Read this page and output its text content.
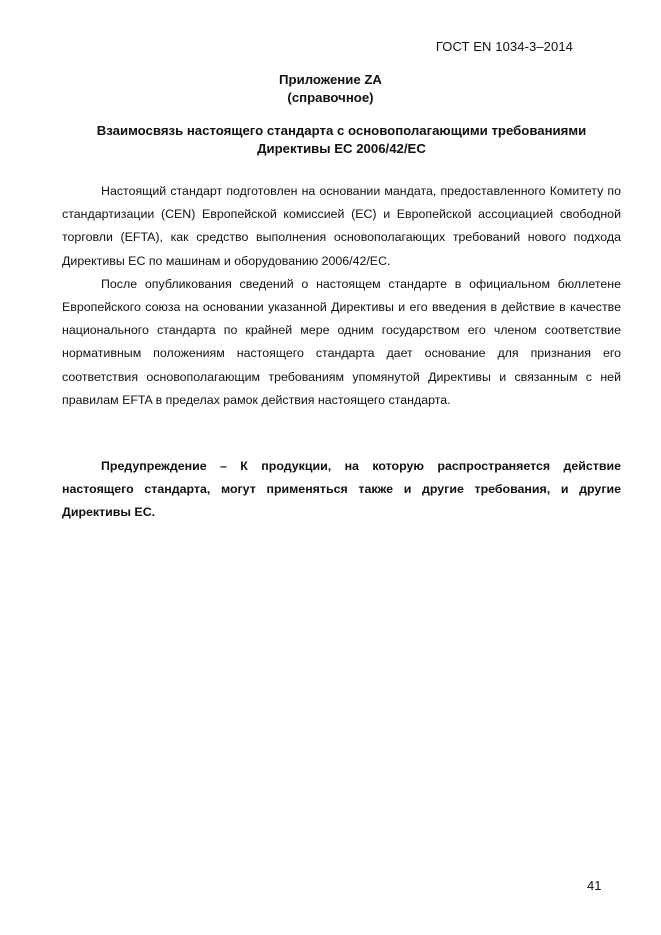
ГОСТ EN 1034-3–2014
Приложение ZA
(справочное)
Взаимосвязь настоящего стандарта с основополагающими требованиями
Директивы ЕС 2006/42/ЕС

Настоящий стандарт подготовлен на основании мандата, предоставленного Комитету по стандартизации (CEN) Европейской комиссией (ЕС) и Европейской ассоциацией свободной торговли (EFTA), как средство выполнения основополагающих требований нового подхода Директивы ЕС по машинам и оборудованию 2006/42/ЕС.

После опубликования сведений о настоящем стандарте в официальном бюллетене Европейского союза на основании указанной Директивы и его введения в действие в качестве национального стандарта по крайней мере одним государством его членом соответствие нормативным положениям настоящего стандарта дает основание для признания его соответствия основополагающим требованиям упомянутой Директивы и связанным с ней правилам EFTA в пределах рамок действия настоящего стандарта.

Предупреждение – К продукции, на которую распространяется действие настоящего стандарта, могут применяться также и другие требования, и другие Директивы ЕС.

41
